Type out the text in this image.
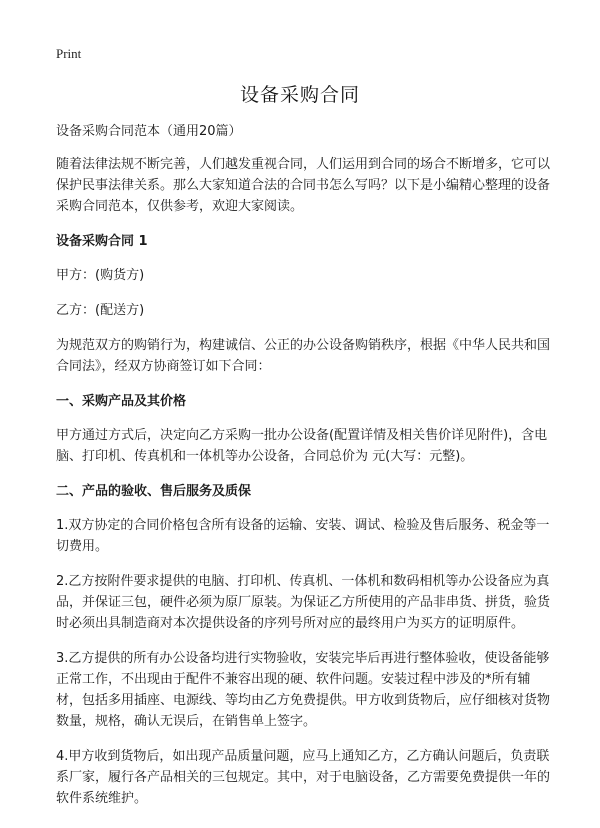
Print
设备采购合同

设备采购合同范本（通用20篇）

随着法律法规不断完善，人们越发重视合同，人们运用到合同的场合不断增多，它可以保护民事法律关系。那么大家知道合法的合同书怎么写吗？以下是小编精心整理的设备采购合同范本，仅供参考，欢迎大家阅读。

设备采购合同 1

甲方：(购货方)

乙方：(配送方)

为规范双方的购销行为，构建诚信、公正的办公设备购销秩序，根据《中华人民共和国合同法》，经双方协商签订如下合同：

一、采购产品及其价格

甲方通过方式后，决定向乙方采购一批办公设备(配置详情及相关售价详见附件)，含电脑、打印机、传真机和一体机等办公设备，合同总价为 元(大写：元整)。

二、产品的验收、售后服务及质保

1.双方协定的合同价格包含所有设备的运输、安装、调试、检验及售后服务、税金等一切费用。

2.乙方按附件要求提供的电脑、打印机、传真机、一体机和数码相机等办公设备应为真品，并保证三包，硬件必须为原厂原装。为保证乙方所使用的产品非串货、拼货，验货时必须出具制造商对本次提供设备的序列号所对应的最终用户为买方的证明原件。

3.乙方提供的所有办公设备均进行实物验收，安装完毕后再进行整体验收，使设备能够正常工作，不出现由于配件不兼容出现的硬、软件问题。安装过程中涉及的*所有辅材，包括多用插座、电源线、等均由乙方免费提供。甲方收到货物后，应仔细核对货物数量，规格，确认无误后，在销售单上签字。

4.甲方收到货物后，如出现产品质量问题，应马上通知乙方，乙方确认问题后，负责联系厂家，履行各产品相关的三包规定。其中，对于电脑设备，乙方需要免费提供一年的软件系统维护。
